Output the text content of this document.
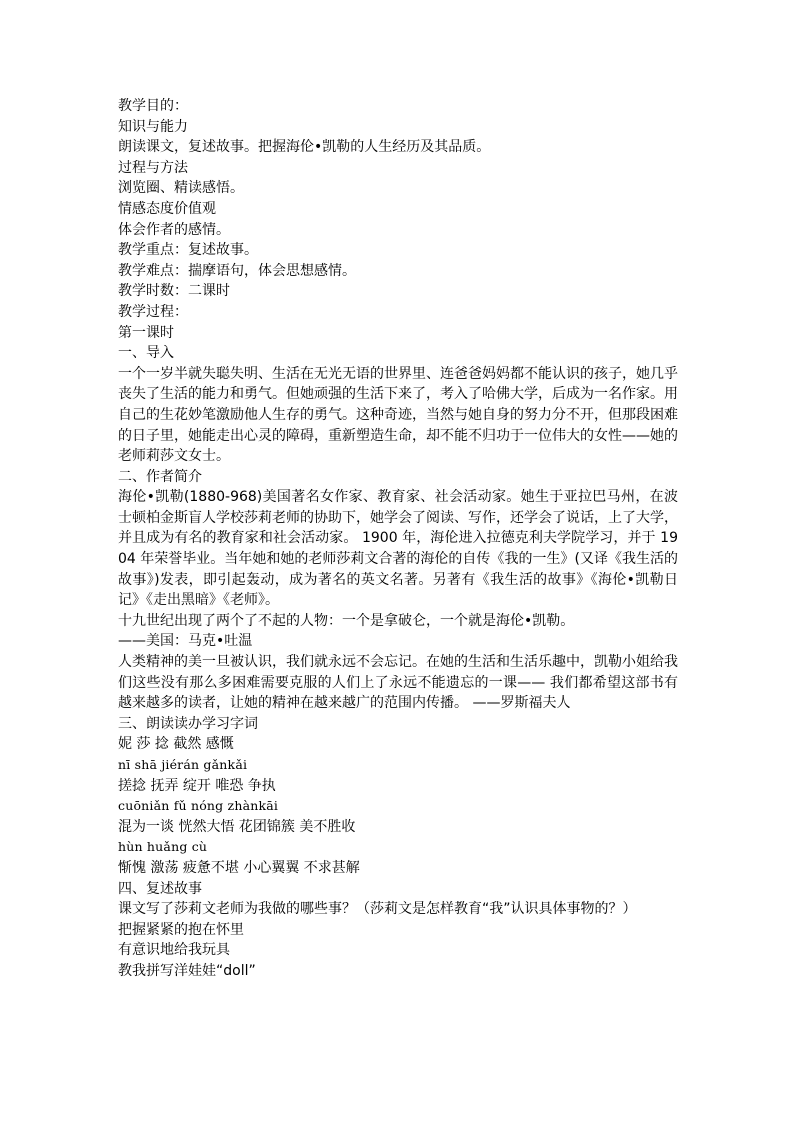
教学目的：
知识与能力
朗读课文，复述故事。把握海伦•凯勒的人生经历及其品质。
过程与方法
浏览圈、精读感悟。
情感态度价值观
体会作者的感情。
教学重点：复述故事。
教学难点：揣摩语句，体会思想感情。
教学时数：二课时
教学过程：
第一课时
一、导入
一个一岁半就失聪失明、生活在无光无语的世界里、连爸爸妈妈都不能认识的孩子，她几乎丧失了生活的能力和勇气。但她顽强的生活下来了，考入了哈佛大学，后成为一名作家。用自己的生花妙笔激励他人生存的勇气。这种奇迹，当然与她自身的努力分不开，但那段困难的日子里，她能走出心灵的障碍，重新塑造生命，却不能不归功于一位伟大的女性——她的老师莉莎文女士。
二、作者简介
海伦•凯勒(1880-968)美国著名女作家、教育家、社会活动家。她生于亚拉巴马州，在波士顿柏金斯盲人学校莎莉老师的协助下，她学会了阅读、写作，还学会了说话，上了大学，并且成为有名的教育家和社会活动家。 1900 年，海伦进入拉德克利夫学院学习，并于 1904 年荣誉毕业。当年她和她的老师莎莉文合著的海伦的自传《我的一生》(又译《我生活的故事》)发表，即引起轰动，成为著名的英文名著。另著有《我生活的故事》《海伦•凯勒日记》《走出黑暗》《老师》。
十九世纪出现了两个了不起的人物：一个是拿破仑，一个就是海伦•凯勒。
——美国：马克•吐温
人类精神的美一旦被认识，我们就永远不会忘记。在她的生活和生活乐趣中，凯勒小姐给我们这些没有那么多困难需要克服的人们上了永远不能遗忘的一课—— 我们都希望这部书有越来越多的读者，让她的精神在越来越广的范围内传播。 ——罗斯福夫人
三、朗读读办学习字词
妮 莎 捻 截然 感慨
nī shā jiérán gǎnkǎi
搓捻 抚弄 绽开 唯恐 争执
cuōniǎn fǔ nóng zhànkāi
混为一谈 恍然大悟 花团锦簇 美不胜收
hùn huǎng cù
惭愧 激荡 疲惫不堪 小心翼翼 不求甚解
四、复述故事
课文写了莎莉文老师为我做的哪些事？（莎莉文是怎样教育“我”认识具体事物的？）
把握紧紧的抱在怀里
有意识地给我玩具
教我拼写洋娃娃“doll”
